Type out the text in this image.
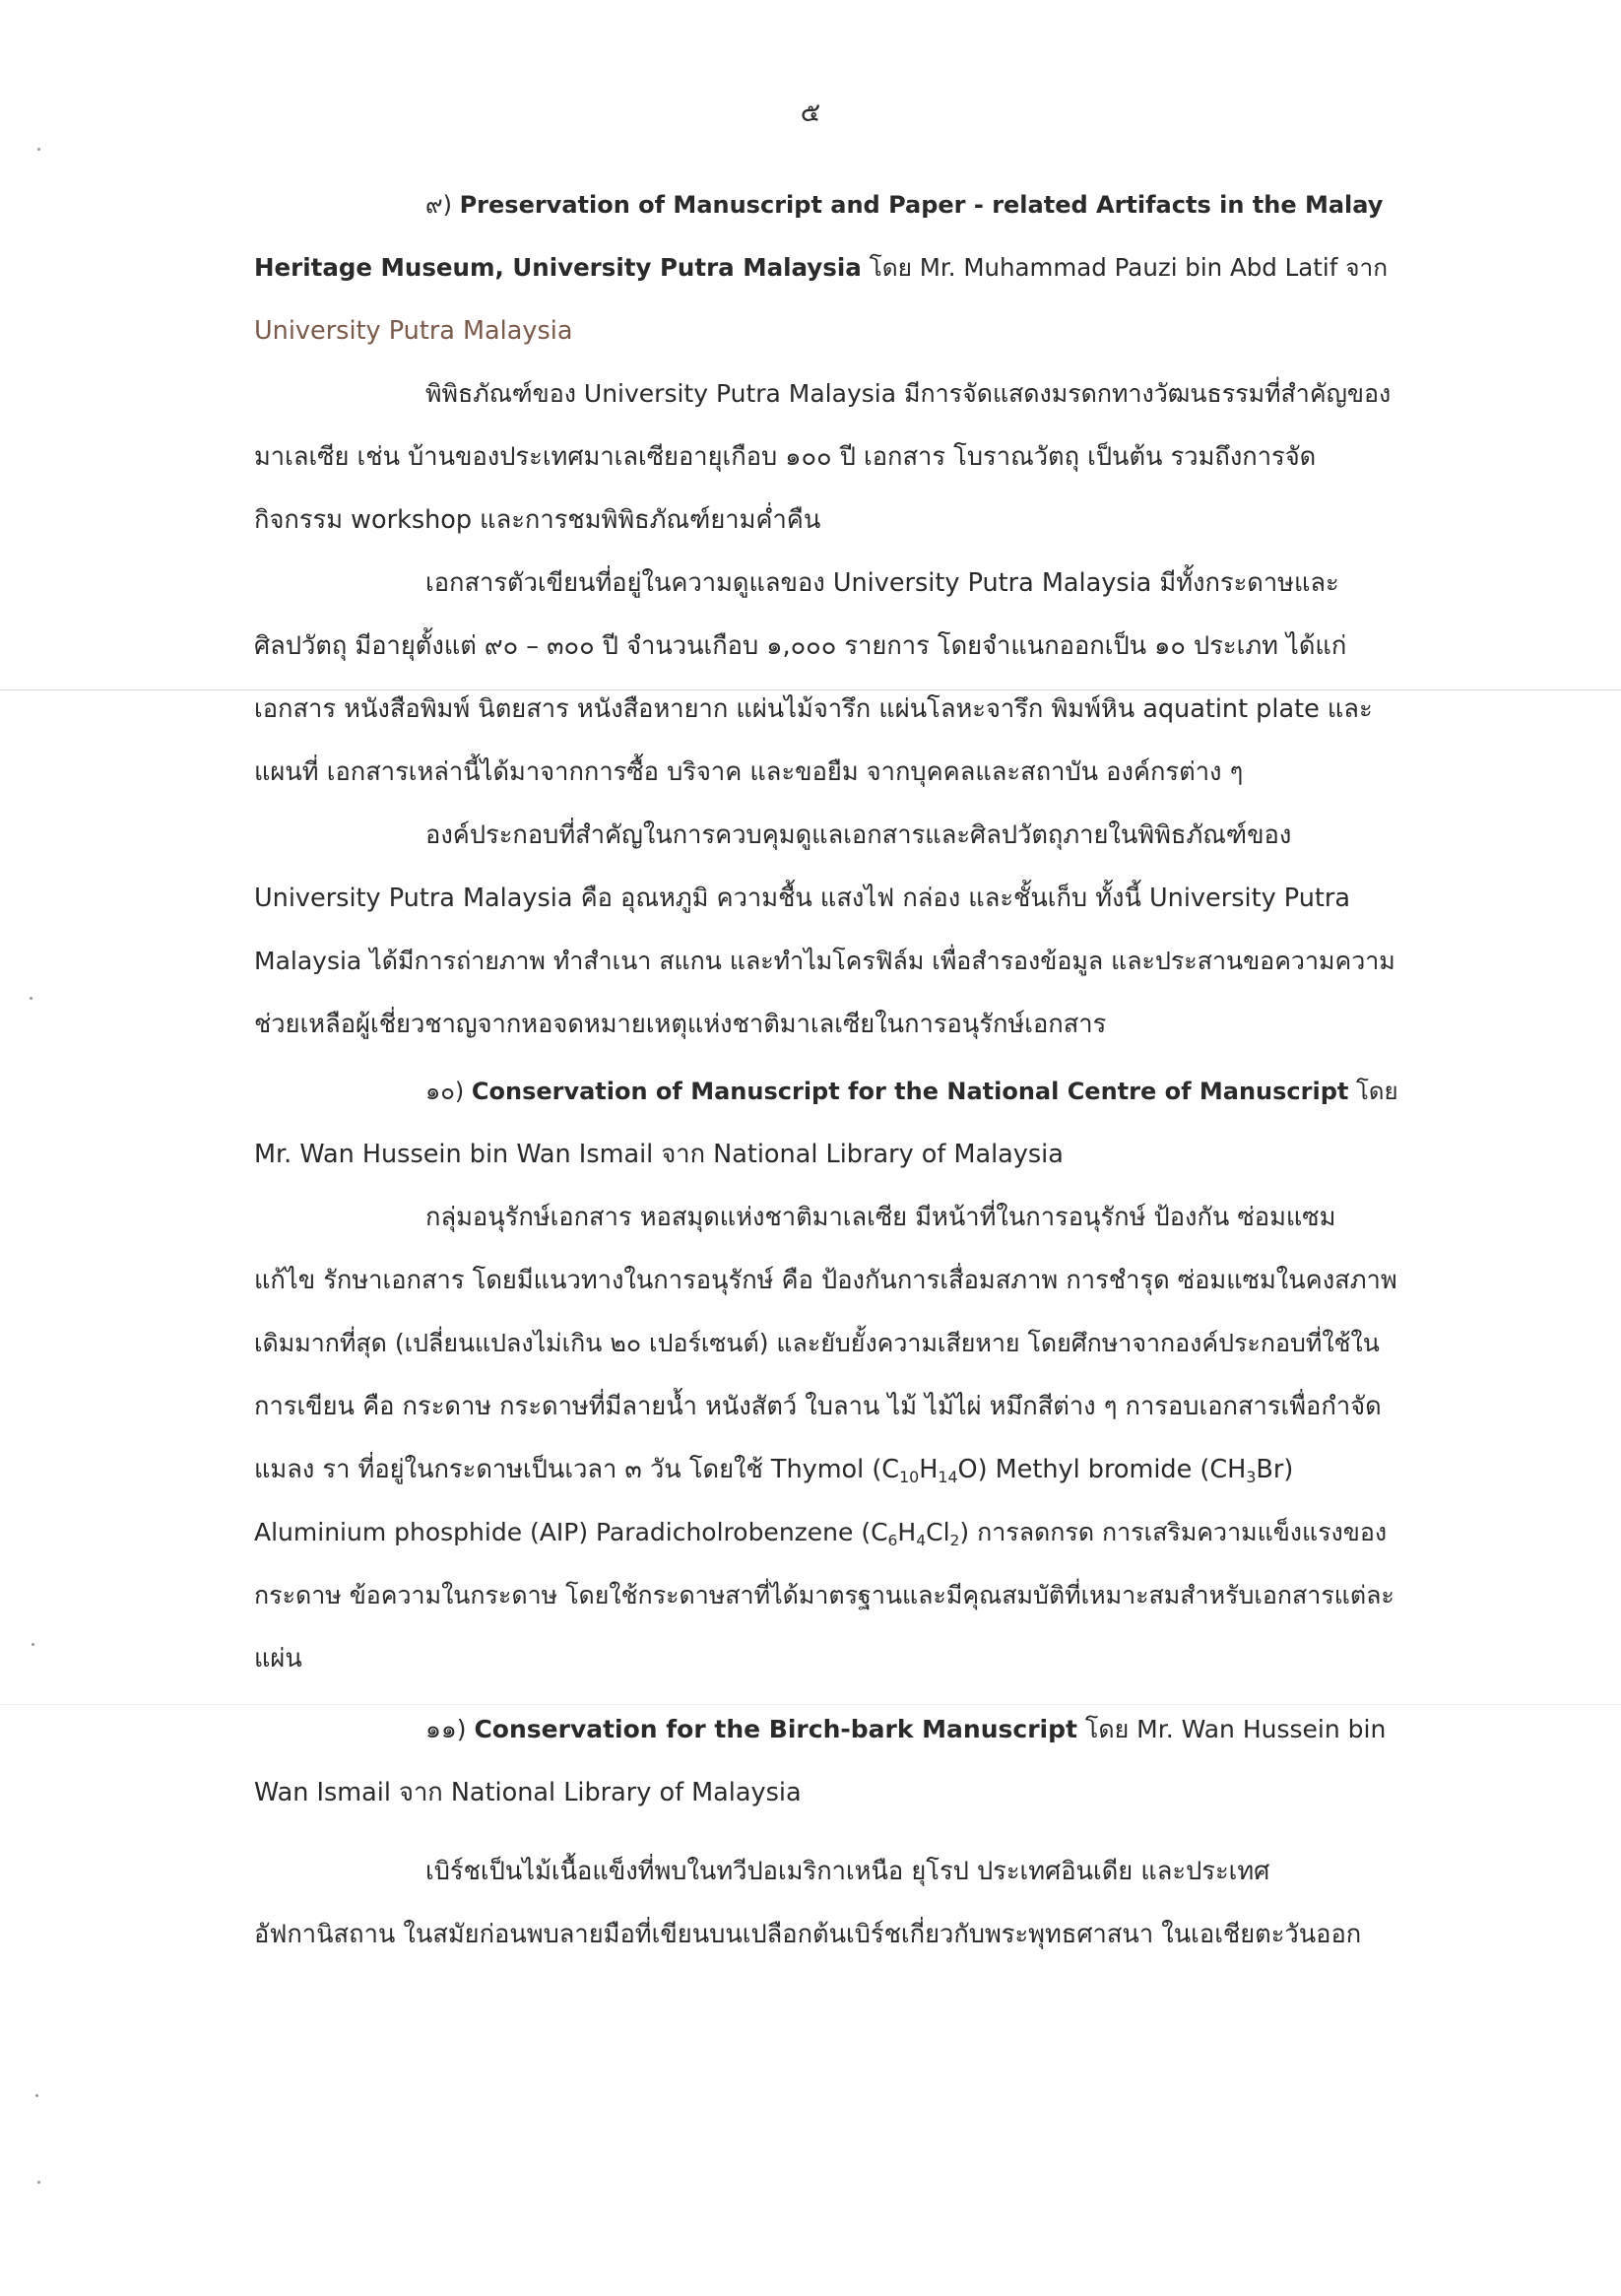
๕
๙) Preservation of Manuscript and Paper - related Artifacts in the Malay
Heritage Museum, University Putra Malaysia โดย Mr. Muhammad Pauzi bin Abd Latif จาก
University Putra Malaysia
พิพิธภัณฑ์ของ University Putra Malaysia มีการจัดแสดงมรดกทางวัฒนธรรมที่สำคัญของ
มาเลเซีย เช่น บ้านของประเทศมาเลเซียอายุเกือบ ๑๐๐ ปี เอกสาร โบราณวัตถุ เป็นต้น รวมถึงการจัด
กิจกรรม workshop และการชมพิพิธภัณฑ์ยามค่ำคืน
เอกสารตัวเขียนที่อยู่ในความดูแลของ University Putra Malaysia มีทั้งกระดาษและ
ศิลปวัตถุ มีอายุตั้งแต่ ๙๐ – ๓๐๐ ปี จำนวนเกือบ ๑,๐๐๐ รายการ โดยจำแนกออกเป็น ๑๐ ประเภท ได้แก่
เอกสาร หนังสือพิมพ์ นิตยสาร หนังสือหายาก แผ่นไม้จารึก แผ่นโลหะจารึก พิมพ์หิน aquatint plate และ
แผนที่ เอกสารเหล่านี้ได้มาจากการซื้อ บริจาค และขอยืม จากบุคคลและสถาบัน องค์กรต่าง ๆ
องค์ประกอบที่สำคัญในการควบคุมดูแลเอกสารและศิลปวัตถุภายในพิพิธภัณฑ์ของ
University Putra Malaysia คือ อุณหภูมิ ความชื้น แสงไฟ กล่อง และชั้นเก็บ ทั้งนี้ University Putra
Malaysia ได้มีการถ่ายภาพ ทำสำเนา สแกน และทำไมโครฟิล์ม เพื่อสำรองข้อมูล และประสานขอความความ
ช่วยเหลือผู้เชี่ยวชาญจากหอจดหมายเหตุแห่งชาติมาเลเซียในการอนุรักษ์เอกสาร
๑๐) Conservation of Manuscript for the National Centre of Manuscript โดย
Mr. Wan Hussein bin Wan Ismail จาก National Library of Malaysia
กลุ่มอนุรักษ์เอกสาร หอสมุดแห่งชาติมาเลเซีย มีหน้าที่ในการอนุรักษ์ ป้องกัน ซ่อมแซม
แก้ไข รักษาเอกสาร โดยมีแนวทางในการอนุรักษ์ คือ ป้องกันการเสื่อมสภาพ การชำรุด ซ่อมแซมในคงสภาพ
เดิมมากที่สุด (เปลี่ยนแปลงไม่เกิน ๒๐ เปอร์เซนต์) และยับยั้งความเสียหาย โดยศึกษาจากองค์ประกอบที่ใช้ใน
การเขียน คือ กระดาษ กระดาษที่มีลายน้ำ หนังสัตว์ ใบลาน ไม้ ไม้ไผ่ หมึกสีต่าง ๆ การอบเอกสารเพื่อกำจัด
แมลง รา ที่อยู่ในกระดาษเป็นเวลา ๓ วัน โดยใช้ Thymol $(C_{10}H_{14}O)$ Methyl bromide $(CH_3Br)$
Aluminium phosphide (AIP) Paradicholrobenzene $(C_6H_4Cl_2)$ การลดกรด การเสริมความแข็งแรงของ
กระดาษ ข้อความในกระดาษ โดยใช้กระดาษสาที่ได้มาตรฐานและมีคุณสมบัติที่เหมาะสมสำหรับเอกสารแต่ละ
แผ่น
๑๑) Conservation for the Birch-bark Manuscript โดย Mr. Wan Hussein bin
Wan Ismail จาก National Library of Malaysia
เบิร์ชเป็นไม้เนื้อแข็งที่พบในทวีปอเมริกาเหนือ ยุโรป ประเทศอินเดีย และประเทศ
อัฟกานิสถาน ในสมัยก่อนพบลายมือที่เขียนบนเปลือกต้นเบิร์ชเกี่ยวกับพระพุทธศาสนา ในเอเชียตะวันออก
